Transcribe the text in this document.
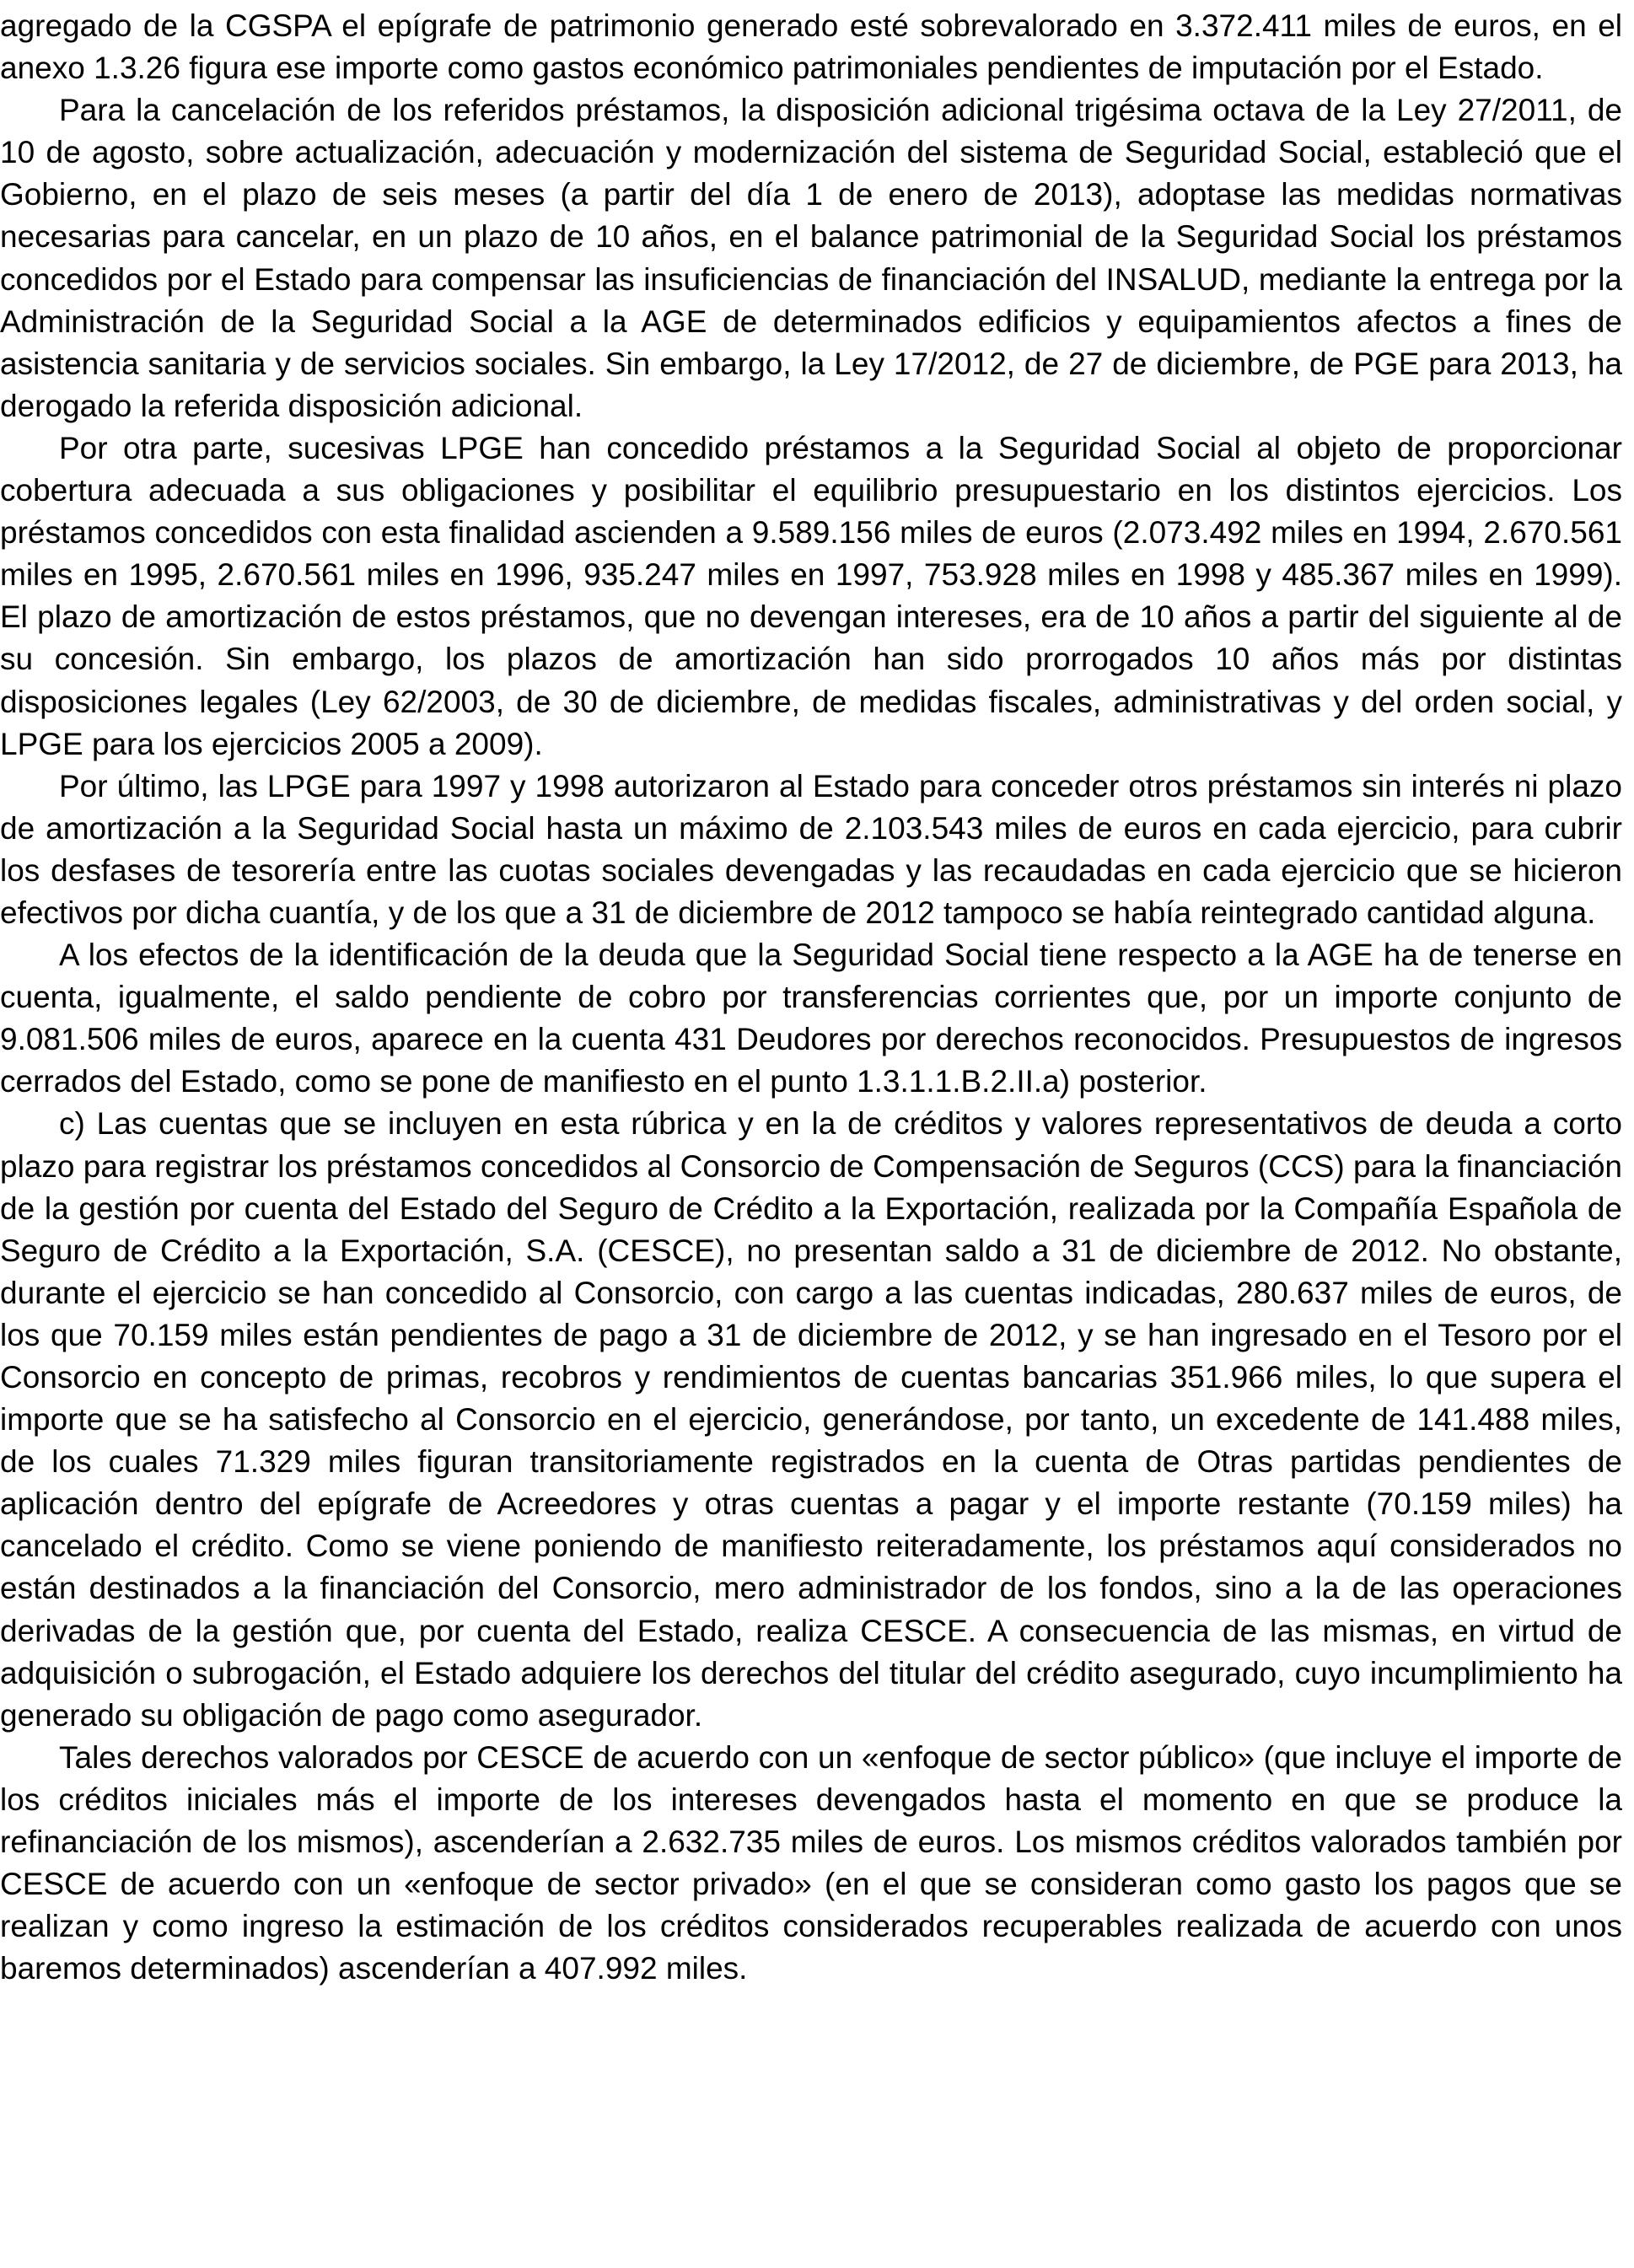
agregado de la CGSPA el epígrafe de patrimonio generado esté sobrevalorado en 3.372.411 miles de euros, en el anexo 1.3.26 figura ese importe como gastos económico patrimoniales pendientes de imputación por el Estado.

Para la cancelación de los referidos préstamos, la disposición adicional trigésima octava de la Ley 27/2011, de 10 de agosto, sobre actualización, adecuación y modernización del sistema de Seguridad Social, estableció que el Gobierno, en el plazo de seis meses (a partir del día 1 de enero de 2013), adoptase las medidas normativas necesarias para cancelar, en un plazo de 10 años, en el balance patrimonial de la Seguridad Social los préstamos concedidos por el Estado para compensar las insuficiencias de financiación del INSALUD, mediante la entrega por la Administración de la Seguridad Social a la AGE de determinados edificios y equipamientos afectos a fines de asistencia sanitaria y de servicios sociales. Sin embargo, la Ley 17/2012, de 27 de diciembre, de PGE para 2013, ha derogado la referida disposición adicional.

Por otra parte, sucesivas LPGE han concedido préstamos a la Seguridad Social al objeto de proporcionar cobertura adecuada a sus obligaciones y posibilitar el equilibrio presupuestario en los distintos ejercicios. Los préstamos concedidos con esta finalidad ascienden a 9.589.156 miles de euros (2.073.492 miles en 1994, 2.670.561 miles en 1995, 2.670.561 miles en 1996, 935.247 miles en 1997, 753.928 miles en 1998 y 485.367 miles en 1999). El plazo de amortización de estos préstamos, que no devengan intereses, era de 10 años a partir del siguiente al de su concesión. Sin embargo, los plazos de amortización han sido prorrogados 10 años más por distintas disposiciones legales (Ley 62/2003, de 30 de diciembre, de medidas fiscales, administrativas y del orden social, y LPGE para los ejercicios 2005 a 2009).

Por último, las LPGE para 1997 y 1998 autorizaron al Estado para conceder otros préstamos sin interés ni plazo de amortización a la Seguridad Social hasta un máximo de 2.103.543 miles de euros en cada ejercicio, para cubrir los desfases de tesorería entre las cuotas sociales devengadas y las recaudadas en cada ejercicio que se hicieron efectivos por dicha cuantía, y de los que a 31 de diciembre de 2012 tampoco se había reintegrado cantidad alguna.

A los efectos de la identificación de la deuda que la Seguridad Social tiene respecto a la AGE ha de tenerse en cuenta, igualmente, el saldo pendiente de cobro por transferencias corrientes que, por un importe conjunto de 9.081.506 miles de euros, aparece en la cuenta 431 Deudores por derechos reconocidos. Presupuestos de ingresos cerrados del Estado, como se pone de manifiesto en el punto 1.3.1.1.B.2.II.a) posterior.

c) Las cuentas que se incluyen en esta rúbrica y en la de créditos y valores representativos de deuda a corto plazo para registrar los préstamos concedidos al Consorcio de Compensación de Seguros (CCS) para la financiación de la gestión por cuenta del Estado del Seguro de Crédito a la Exportación, realizada por la Compañía Española de Seguro de Crédito a la Exportación, S.A. (CESCE), no presentan saldo a 31 de diciembre de 2012. No obstante, durante el ejercicio se han concedido al Consorcio, con cargo a las cuentas indicadas, 280.637 miles de euros, de los que 70.159 miles están pendientes de pago a 31 de diciembre de 2012, y se han ingresado en el Tesoro por el Consorcio en concepto de primas, recobros y rendimientos de cuentas bancarias 351.966 miles, lo que supera el importe que se ha satisfecho al Consorcio en el ejercicio, generándose, por tanto, un excedente de 141.488 miles, de los cuales 71.329 miles figuran transitoriamente registrados en la cuenta de Otras partidas pendientes de aplicación dentro del epígrafe de Acreedores y otras cuentas a pagar y el importe restante (70.159 miles) ha cancelado el crédito. Como se viene poniendo de manifiesto reiteradamente, los préstamos aquí considerados no están destinados a la financiación del Consorcio, mero administrador de los fondos, sino a la de las operaciones derivadas de la gestión que, por cuenta del Estado, realiza CESCE. A consecuencia de las mismas, en virtud de adquisición o subrogación, el Estado adquiere los derechos del titular del crédito asegurado, cuyo incumplimiento ha generado su obligación de pago como asegurador.

Tales derechos valorados por CESCE de acuerdo con un «enfoque de sector público» (que incluye el importe de los créditos iniciales más el importe de los intereses devengados hasta el momento en que se produce la refinanciación de los mismos), ascenderían a 2.632.735 miles de euros. Los mismos créditos valorados también por CESCE de acuerdo con un «enfoque de sector privado» (en el que se consideran como gasto los pagos que se realizan y como ingreso la estimación de los créditos considerados recuperables realizada de acuerdo con unos baremos determinados) ascenderían a 407.992 miles.
